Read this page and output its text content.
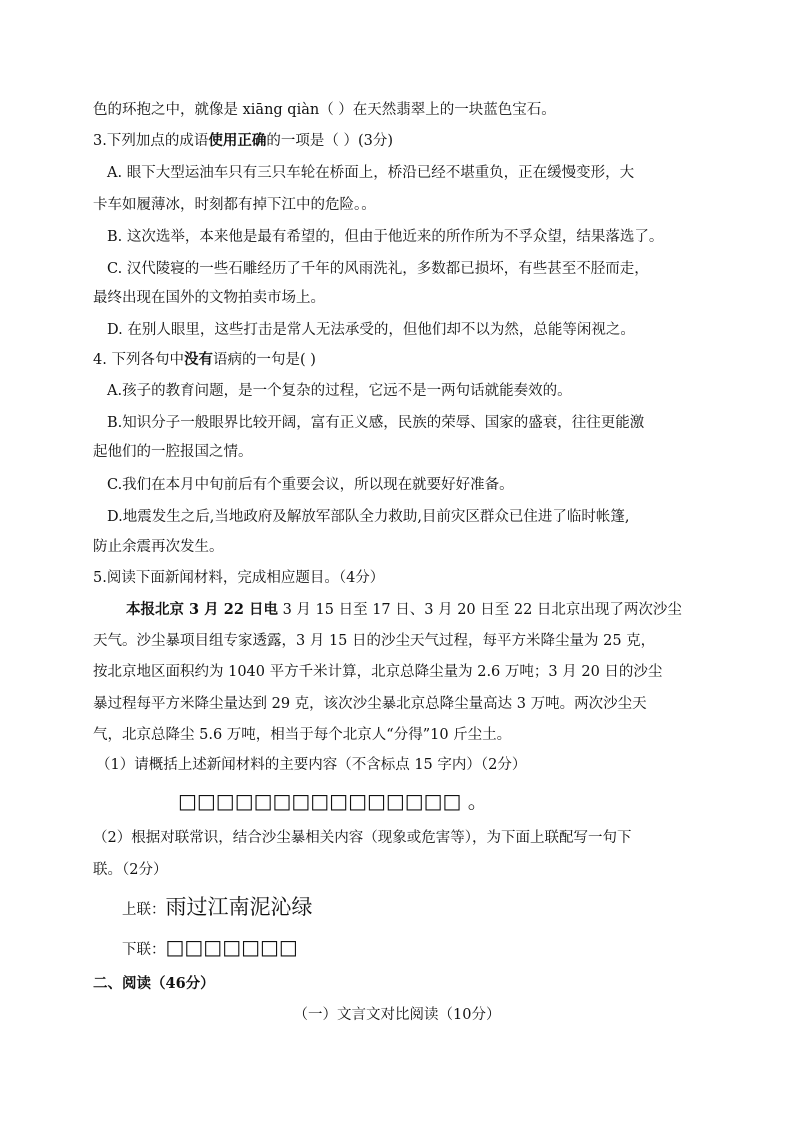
色的环抱之中，就像是 xiāng qiàn（ ）在天然翡翠上的一块蓝色宝石。
3.下列加点的成语使用正确的一项是（ ）(3分)
A. 眼下大型运油车只有三只车轮在桥面上，桥沿已经不堪重负，正在缓慢变形，大
卡车如履薄冰，时刻都有掉下江中的危险。。
B. 这次选举，本来他是最有希望的，但由于他近来的所作所为不孚众望，结果落选了。
C. 汉代陵寝的一些石雕经历了千年的风雨洗礼，多数都已损坏，有些甚至不胫而走，
最终出现在国外的文物拍卖市场上。
D. 在别人眼里，这些打击是常人无法承受的，但他们却不以为然，总能等闲视之。
4. 下列各句中没有语病的一句是( )
A.孩子的教育问题，是一个复杂的过程，它远不是一两句话就能奏效的。
B.知识分子一般眼界比较开阔，富有正义感，民族的荣辱、国家的盛衰，往往更能激
起他们的一腔报国之情。
C.我们在本月中旬前后有个重要会议，所以现在就要好好准备。
D.地震发生之后,当地政府及解放军部队全力救助,目前灾区群众已住进了临时帐篷,
防止余震再次发生。
5.阅读下面新闻材料，完成相应题目。（4分）
本报北京 3 月 22 日电 3 月 15 日至 17 日、3 月 20 日至 22 日北京出现了两次沙尘
天气。沙尘暴项目组专家透露，3 月 15 日的沙尘天气过程，每平方米降尘量为 25 克，
按北京地区面积约为 1040 平方千米计算，北京总降尘量为 2.6 万吨；3 月 20 日的沙尘
暴过程每平方米降尘量达到 29 克，该次沙尘暴北京总降尘量高达 3 万吨。两次沙尘天
气，北京总降尘 5.6 万吨，相当于每个北京人“分得”10 斤尘土。
（1）请概括上述新闻材料的主要内容（不含标点 15 字内）（2分）
□□□□□□□□□□□□□□□ 。
（2）根据对联常识，结合沙尘暴相关内容（现象或危害等），为下面上联配写一句下
联。（2分）
上联：雨过江南泥沁绿
下联：□□□□□□□
二、阅读（46分）
（一）文言文对比阅读（10分）
